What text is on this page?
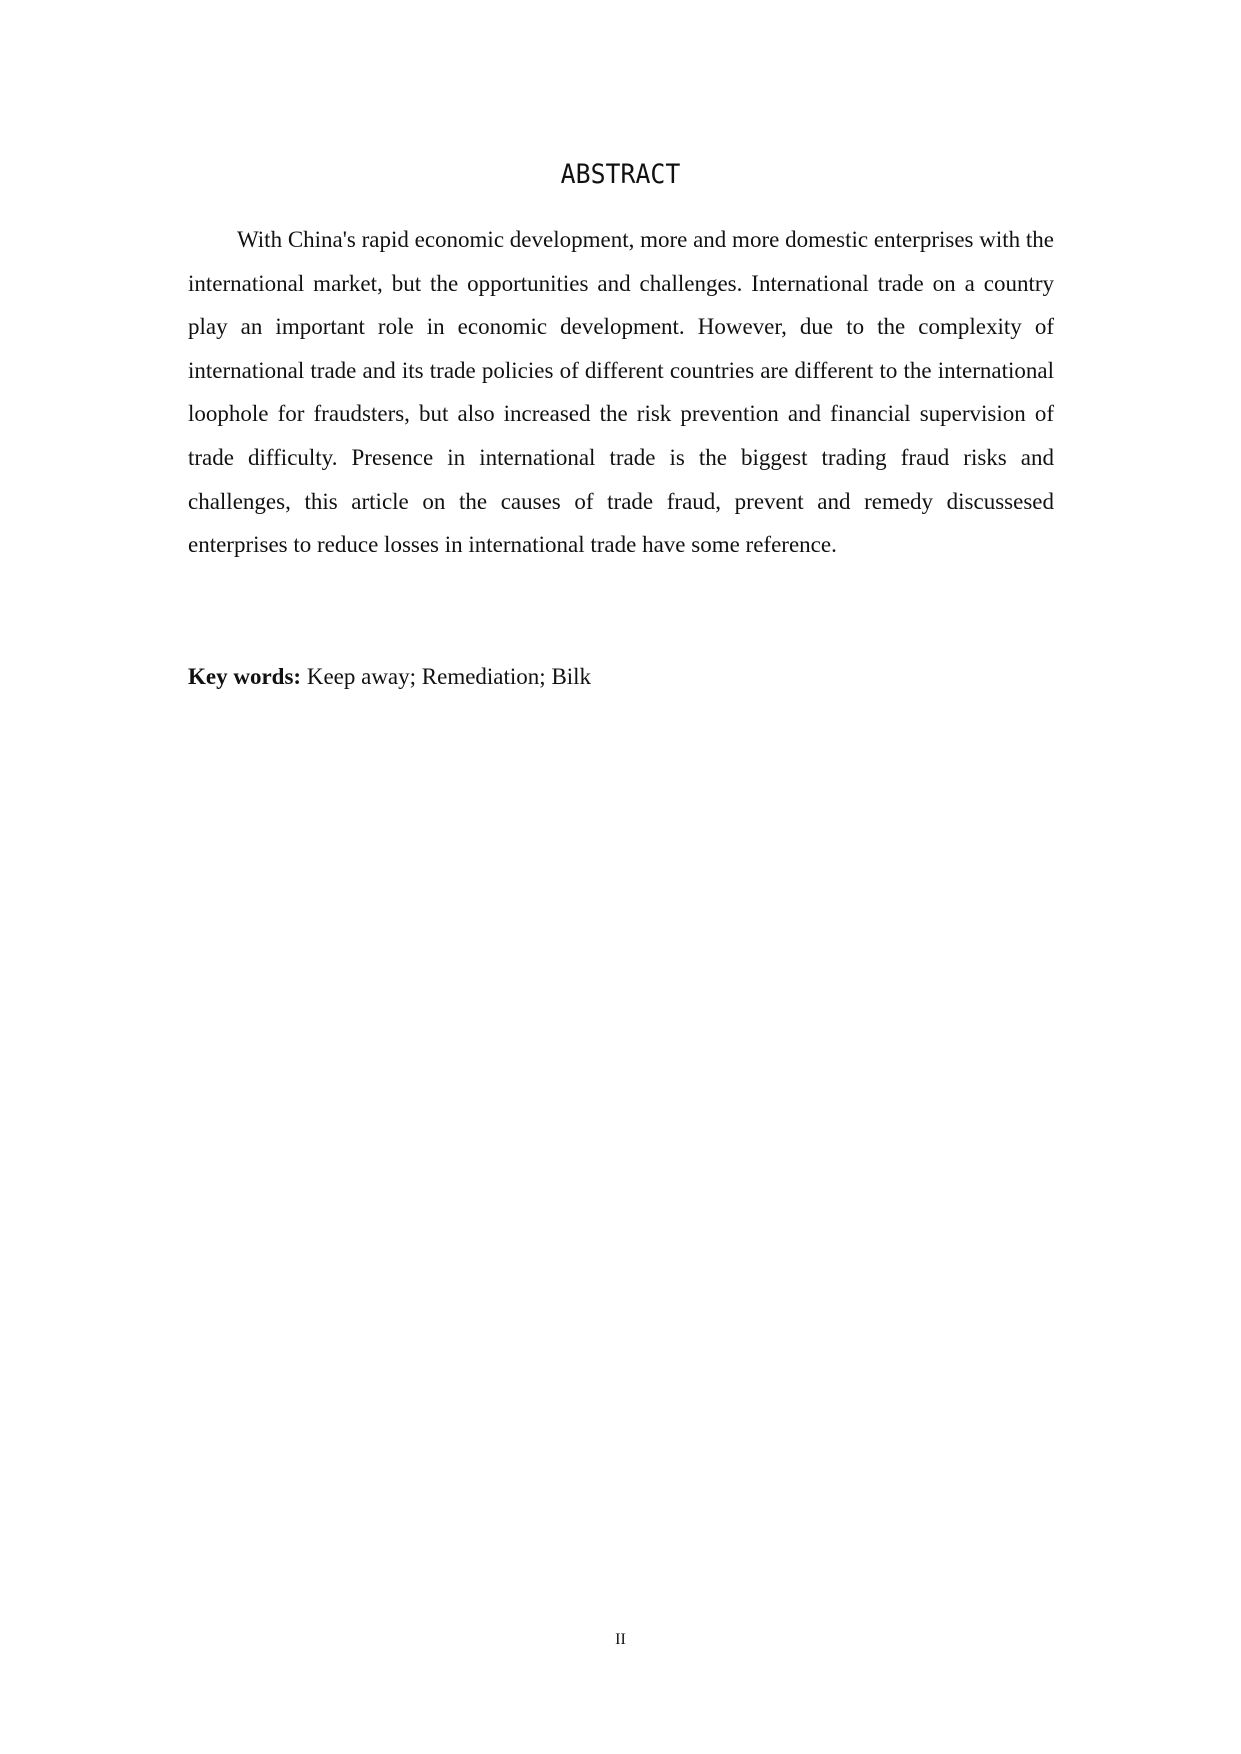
ABSTRACT

With China's rapid economic development, more and more domestic enterprises with the international market, but the opportunities and challenges. International trade on a country play an important role in economic development. However, due to the complexity of international trade and its trade policies of different countries are different to the international loophole for fraudsters, but also increased the risk prevention and financial supervision of trade difficulty. Presence in international trade is the biggest trading fraud risks and challenges, this article on the causes of trade fraud, prevent and remedy discussesed enterprises to reduce losses in international trade have some reference.

Key words: Keep away; Remediation; Bilk

II
